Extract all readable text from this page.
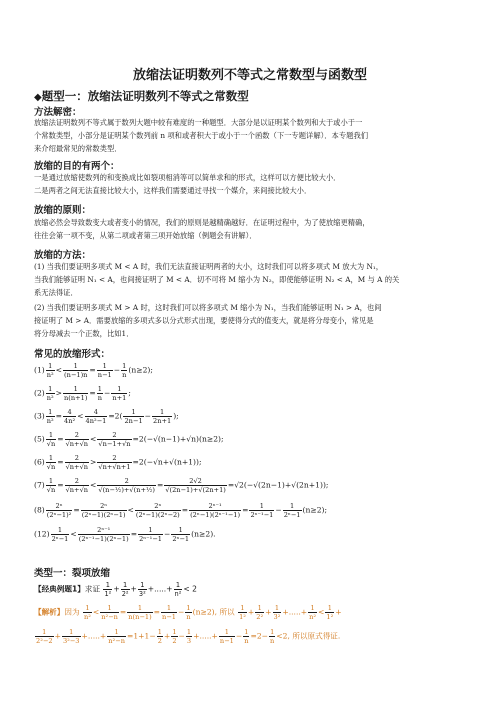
放缩法证明数列不等式之常数型与函数型
◆题型一：放缩法证明数列不等式之常数型
方法解密：
放缩法证明数列不等式属于数列大题中较有难度的一种题型．大部分是以证明某个数列和大于或小于一
个常数类型，小部分是证明某个数列前 n 项和或者积大于或小于一个函数（下一专题详解）．本专题我们
来介绍最常见的常数类型．
放缩的目的有两个：
一是通过放缩使数列的和变换成比如裂项相消等可以简单求和的形式，这样可以方便比较大小．
二是两者之间无法直接比较大小，这样我们需要通过寻找一个媒介，来间接比较大小．
放缩的原则：
放缩必然会导致数变大或者变小的情况，我们的原则是越精确越好．在证明过程中，为了使放缩更精确，
往往会第一项不变，从第二项或者第三项开始放缩（例题会有讲解）．
放缩的方法：
(1) 当我们要证明多项式 M < A 时，我们无法直接证明两者的大小，这时我们可以将多项式 M 放大为 N₁，
当我们能够证明 N₁ < A，也间接证明了 M < A．切不可将 M 缩小为 N₂，即使能够证明 N₂ < A，M 与 A 的关
系无法得证．
(2) 当我们要证明多项式 M > A 时，这时我们可以将多项式 M 缩小为 N₁，当我们能够证明 N₁ > A，也间
接证明了 M > A．需要放缩的多项式多以分式形式出现，要使得分式的值变大，就是将分母变小，常见是
将分母减去一个正数，比如1．
常见的放缩形式：
$(1) \frac{1}{\text{n²}} < \frac{1}{(n-1)n} = \frac{1}{n-1} - \frac{1}{n} (n\ge 2)$;
$(2) \frac{1}{\text{n²}} > \frac{1}{n(n+1)} = \frac{1}{n} - \frac{1}{n+1}$ ;
$(3) \frac{1}{\text{n²}} = \frac{4}{\text{4n²}} < \frac{4}{\text{4n²−1}} =2( \frac{1}{2n-1} - \frac{1}{2n+1}$ );
$(5) \frac{1}{√n} = \frac{2}{√n+√n} < \frac{2}{√n-1+√n} =2(-√(n-1)+√n)(n\ge 2)$;
$(6) \frac{1}{√n} = \frac{2}{√n+√n} > \frac{2}{√n+√n+1} =2(-√n+√(n+1))$;
$(7) \frac{1}{√n} = \frac{2}{√n+√n} < \frac{2}{\text{√(n−½)+√(n+½)}} = \frac{2√2}{√(2n-1)+√(2n+1)} =√2(-√(2n-1)+√(2n+1))$;
$(8) \frac{\text{2ⁿ}}{\text{(2ⁿ−1)²}} = \frac{\text{2ⁿ}}{\text{(2ⁿ−1)(2ⁿ−1)}} < \frac{\text{2ⁿ}}{\text{(2ⁿ−1)(2ⁿ−2)}} = \frac{\text{2ⁿ⁻¹}}{\text{(2ⁿ−1)(2ⁿ⁻¹−1)}} = \frac{1}{\text{2ⁿ⁻¹−1}} - \frac{1}{\text{2ⁿ−1}} (n\ge 2)$;
$(12) \frac{1}{\text{2ⁿ−1}} < \frac{\text{2ⁿ⁻¹}}{\text{(2ⁿ⁻¹−1)(2ⁿ−1)}} = \frac{1}{\text{2ⁿ⁻¹−1}} - \frac{1}{\text{2ⁿ−1}} (n\ge 2)$.
类型一：裂项放缩
【经典例题1】求证 $\frac{1}{\text{1²}} + \frac{1}{\text{2²}} + \frac{1}{\text{3²}}$ +.....+ $\frac{1}{\text{n²}} < 2$
【解析】因为 $\frac{1}{\text{n²}} < \frac{1}{\text{n²−n}} = \frac{1}{n(n-1)} = \frac{1}{n-1} - \frac{1}{n} (n\ge 2)$, 所以 $\frac{1}{\text{1²}} + \frac{1}{\text{2²}} + \frac{1}{\text{3²}}$ +.....+ $\frac{1}{\text{n²}} < \frac{1}{\text{1²}}$ +
$\frac{1}{\text{2²−2}} + \frac{1}{\text{3²−3}}$ +.....+ $\frac{1}{\text{n²−n}} =1+1- \frac{1}{2} + \frac{1}{2} - \frac{1}{3}$ +.....+ $\frac{1}{n-1} - \frac{1}{n} =2- \frac{1}{n} <2$, 所以原式得证.
